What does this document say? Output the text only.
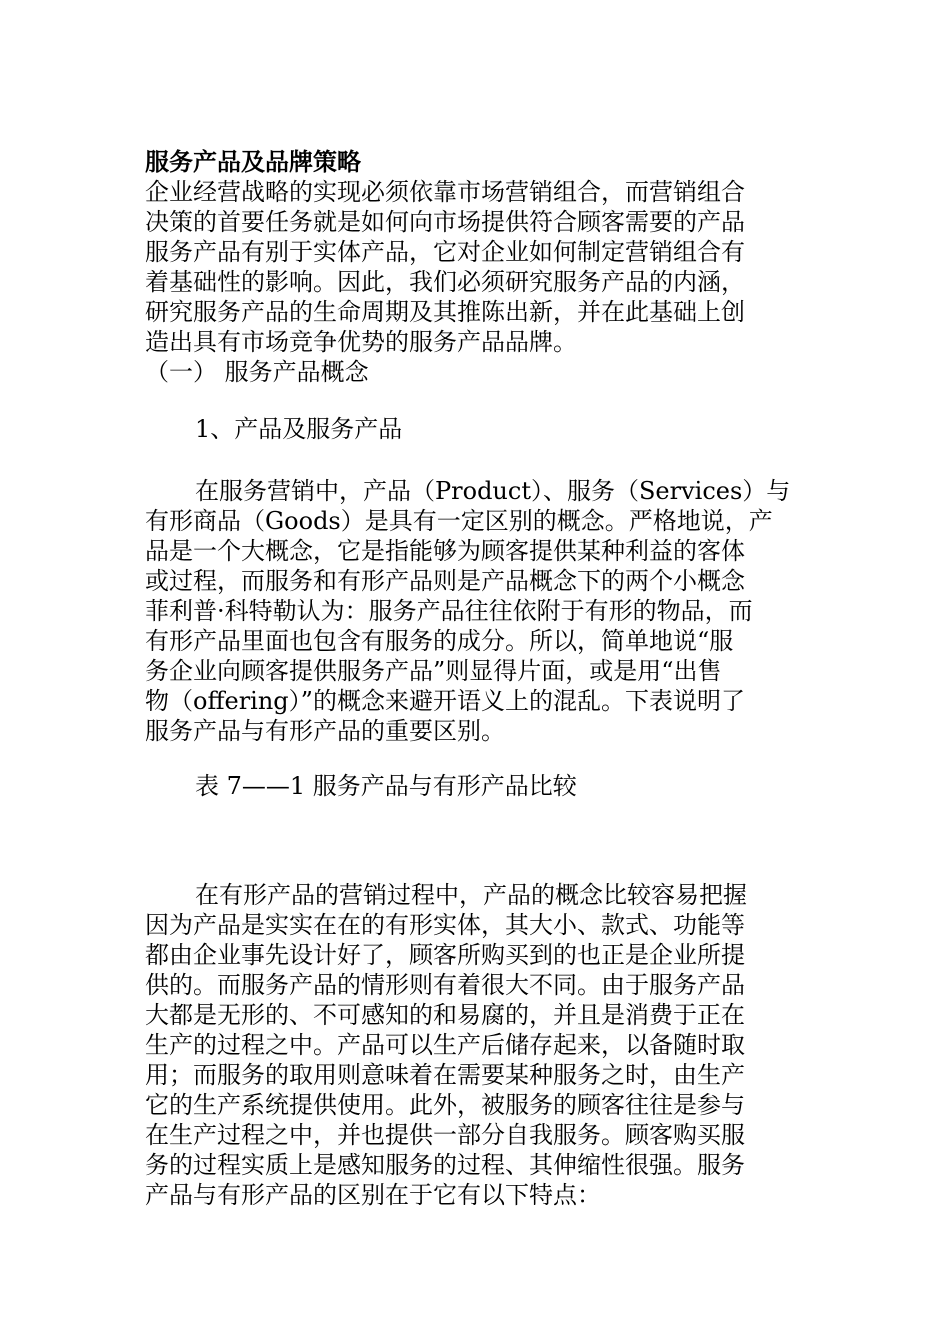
服务产品及品牌策略
企业经营战略的实现必须依靠市场营销组合，而营销组合
决策的首要任务就是如何向市场提供符合顾客需要的产品
服务产品有别于实体产品，它对企业如何制定营销组合有
着基础性的影响。因此，我们必须研究服务产品的内涵，
研究服务产品的生命周期及其推陈出新，并在此基础上创
造出具有市场竞争优势的服务产品品牌。
（一） 服务产品概念
1、产品及服务产品
在服务营销中，产品（Product）、服务（Services）与
有形商品（Goods）是具有一定区别的概念。严格地说，产
品是一个大概念，它是指能够为顾客提供某种利益的客体
或过程，而服务和有形产品则是产品概念下的两个小概念
菲利普·科特勒认为：服务产品往往依附于有形的物品，而
有形产品里面也包含有服务的成分。所以，简单地说“服
务企业向顾客提供服务产品”则显得片面，或是用“出售
物（offering）”的概念来避开语义上的混乱。下表说明了
服务产品与有形产品的重要区别。
表 7——1 服务产品与有形产品比较
在有形产品的营销过程中，产品的概念比较容易把握
因为产品是实实在在的有形实体，其大小、款式、功能等
都由企业事先设计好了，顾客所购买到的也正是企业所提
供的。而服务产品的情形则有着很大不同。由于服务产品
大都是无形的、不可感知的和易腐的，并且是消费于正在
生产的过程之中。产品可以生产后储存起来，以备随时取
用；而服务的取用则意味着在需要某种服务之时，由生产
它的生产系统提供使用。此外，被服务的顾客往往是参与
在生产过程之中，并也提供一部分自我服务。顾客购买服
务的过程实质上是感知服务的过程、其伸缩性很强。服务
产品与有形产品的区别在于它有以下特点：
